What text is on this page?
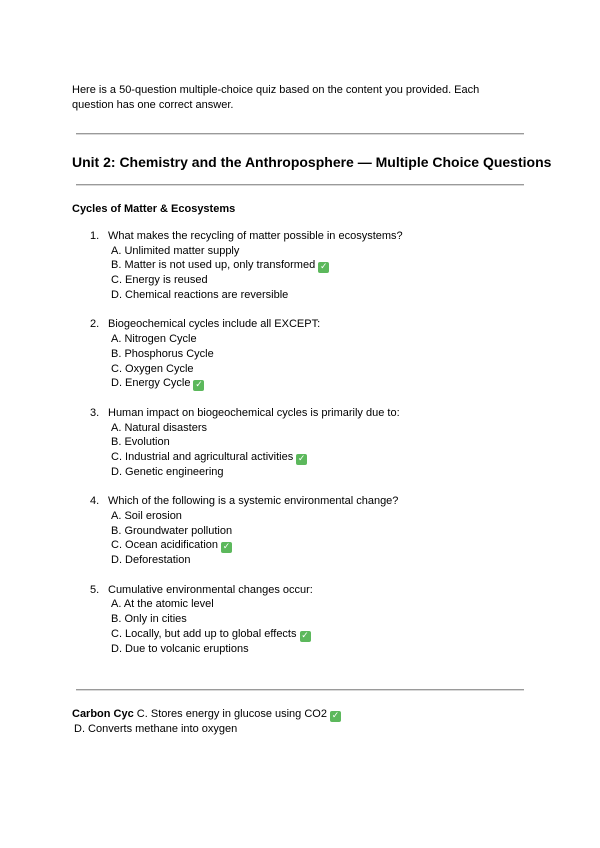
Here is a 50-question multiple-choice quiz based on the content you provided. Each question has one correct answer.
Unit 2: Chemistry and the Anthroposphere — Multiple Choice Questions
Cycles of Matter & Ecosystems
1. What makes the recycling of matter possible in ecosystems?
A. Unlimited matter supply
B. Matter is not used up, only transformed ✓
C. Energy is reused
D. Chemical reactions are reversible
2. Biogeochemical cycles include all EXCEPT:
A. Nitrogen Cycle
B. Phosphorus Cycle
C. Oxygen Cycle
D. Energy Cycle ✓
3. Human impact on biogeochemical cycles is primarily due to:
A. Natural disasters
B. Evolution
C. Industrial and agricultural activities ✓
D. Genetic engineering
4. Which of the following is a systemic environmental change?
A. Soil erosion
B. Groundwater pollution
C. Ocean acidification ✓
D. Deforestation
5. Cumulative environmental changes occur:
A. At the atomic level
B. Only in cities
C. Locally, but add up to global effects ✓
D. Due to volcanic eruptions
Carbon Cyc C. Stores energy in glucose using CO2 ✓
D. Converts methane into oxygen
